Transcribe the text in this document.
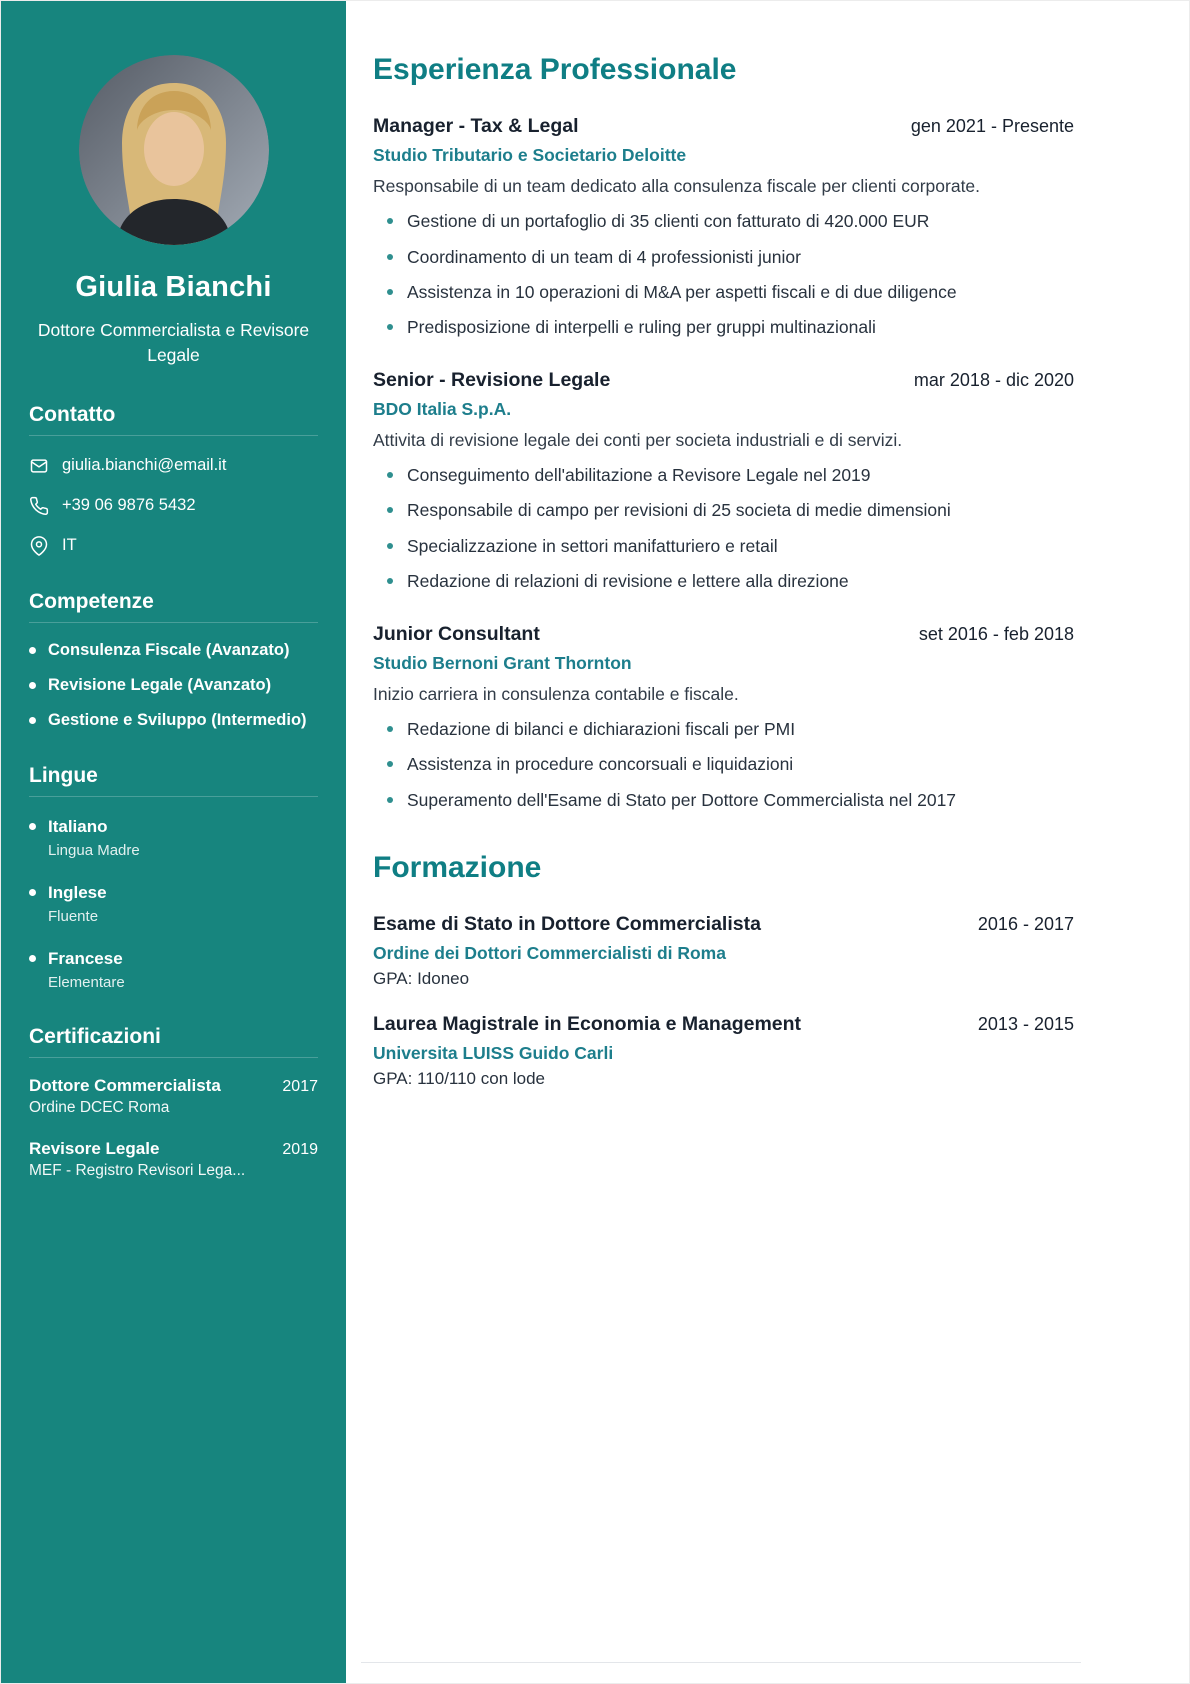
Giulia Bianchi
Dottore Commercialista e Revisore Legale
Contatto
giulia.bianchi@email.it
+39 06 9876 5432
IT
Competenze
Consulenza Fiscale (Avanzato)
Revisione Legale (Avanzato)
Gestione e Sviluppo (Intermedio)
Lingue
Italiano
Lingua Madre
Inglese
Fluente
Francese
Elementare
Certificazioni
Dottore Commercialista	2017
Ordine DCEC Roma
Revisore Legale	2019
MEF - Registro Revisori Lega...
Esperienza Professionale
Manager - Tax & Legal	gen 2021 - Presente
Studio Tributario e Societario Deloitte

Responsabile di un team dedicato alla consulenza fiscale per clienti corporate.

Gestione di un portafoglio di 35 clienti con fatturato di 420.000 EUR
Coordinamento di un team di 4 professionisti junior
Assistenza in 10 operazioni di M&A per aspetti fiscali e di due diligence
Predisposizione di interpelli e ruling per gruppi multinazionali
Senior - Revisione Legale	mar 2018 - dic 2020
BDO Italia S.p.A.

Attivita di revisione legale dei conti per societa industriali e di servizi.

Conseguimento dell'abilitazione a Revisore Legale nel 2019
Responsabile di campo per revisioni di 25 societa di medie dimensioni
Specializzazione in settori manifatturiero e retail
Redazione di relazioni di revisione e lettere alla direzione
Junior Consultant	set 2016 - feb 2018
Studio Bernoni Grant Thornton

Inizio carriera in consulenza contabile e fiscale.

Redazione di bilanci e dichiarazioni fiscali per PMI
Assistenza in procedure concorsuali e liquidazioni
Superamento dell'Esame di Stato per Dottore Commercialista nel 2017
Formazione
Esame di Stato in Dottore Commercialista	2016 - 2017
Ordine dei Dottori Commercialisti di Roma
GPA: Idoneo
Laurea Magistrale in Economia e Management	2013 - 2015
Universita LUISS Guido Carli
GPA: 110/110 con lode
